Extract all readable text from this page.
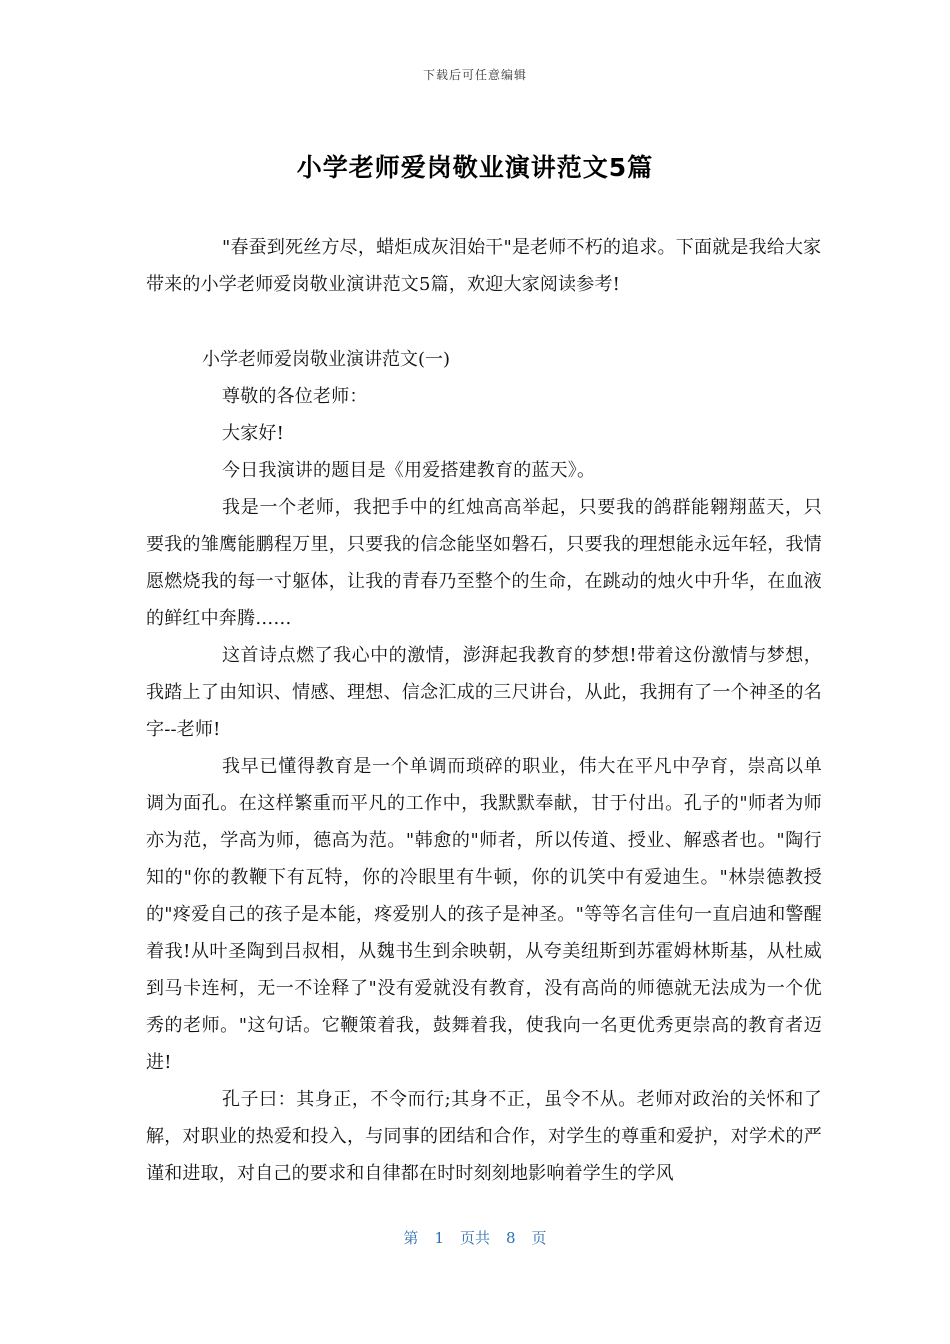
下载后可任意编辑
小学老师爱岗敬业演讲范文5篇

"春蚕到死丝方尽，蜡炬成灰泪始干"是老师不朽的追求。下面就是我给大家带来的小学老师爱岗敬业演讲范文5篇，欢迎大家阅读参考!

小学老师爱岗敬业演讲范文(一)

尊敬的各位老师：

大家好!

今日我演讲的题目是《用爱搭建教育的蓝天》。

我是一个老师，我把手中的红烛高高举起，只要我的鸽群能翱翔蓝天，只要我的雏鹰能鹏程万里，只要我的信念能坚如磐石，只要我的理想能永远年轻，我情愿燃烧我的每一寸躯体，让我的青春乃至整个的生命，在跳动的烛火中升华，在血液的鲜红中奔腾……

这首诗点燃了我心中的激情，澎湃起我教育的梦想!带着这份激情与梦想，我踏上了由知识、情感、理想、信念汇成的三尺讲台，从此，我拥有了一个神圣的名字--老师!

我早已懂得教育是一个单调而琐碎的职业，伟大在平凡中孕育，崇高以单调为面孔。在这样繁重而平凡的工作中，我默默奉献，甘于付出。孔子的"师者为师亦为范，学高为师，德高为范。"韩愈的"师者，所以传道、授业、解惑者也。"陶行知的"你的教鞭下有瓦特，你的冷眼里有牛顿，你的讥笑中有爱迪生。"林崇德教授的"疼爱自己的孩子是本能，疼爱别人的孩子是神圣。"等等名言佳句一直启迪和警醒着我!从叶圣陶到吕叔相，从魏书生到余映朝，从夸美纽斯到苏霍姆林斯基，从杜威到马卡连柯，无一不诠释了"没有爱就没有教育，没有高尚的师德就无法成为一个优秀的老师。"这句话。它鞭策着我，鼓舞着我，使我向一名更优秀更崇高的教育者迈进!

孔子曰：其身正，不令而行;其身不正，虽令不从。老师对政治的关怀和了解，对职业的热爱和投入，与同事的团结和合作，对学生的尊重和爱护，对学术的严谨和进取，对自己的要求和自律都在时时刻刻地影响着学生的学风

第 1 页共 8 页
